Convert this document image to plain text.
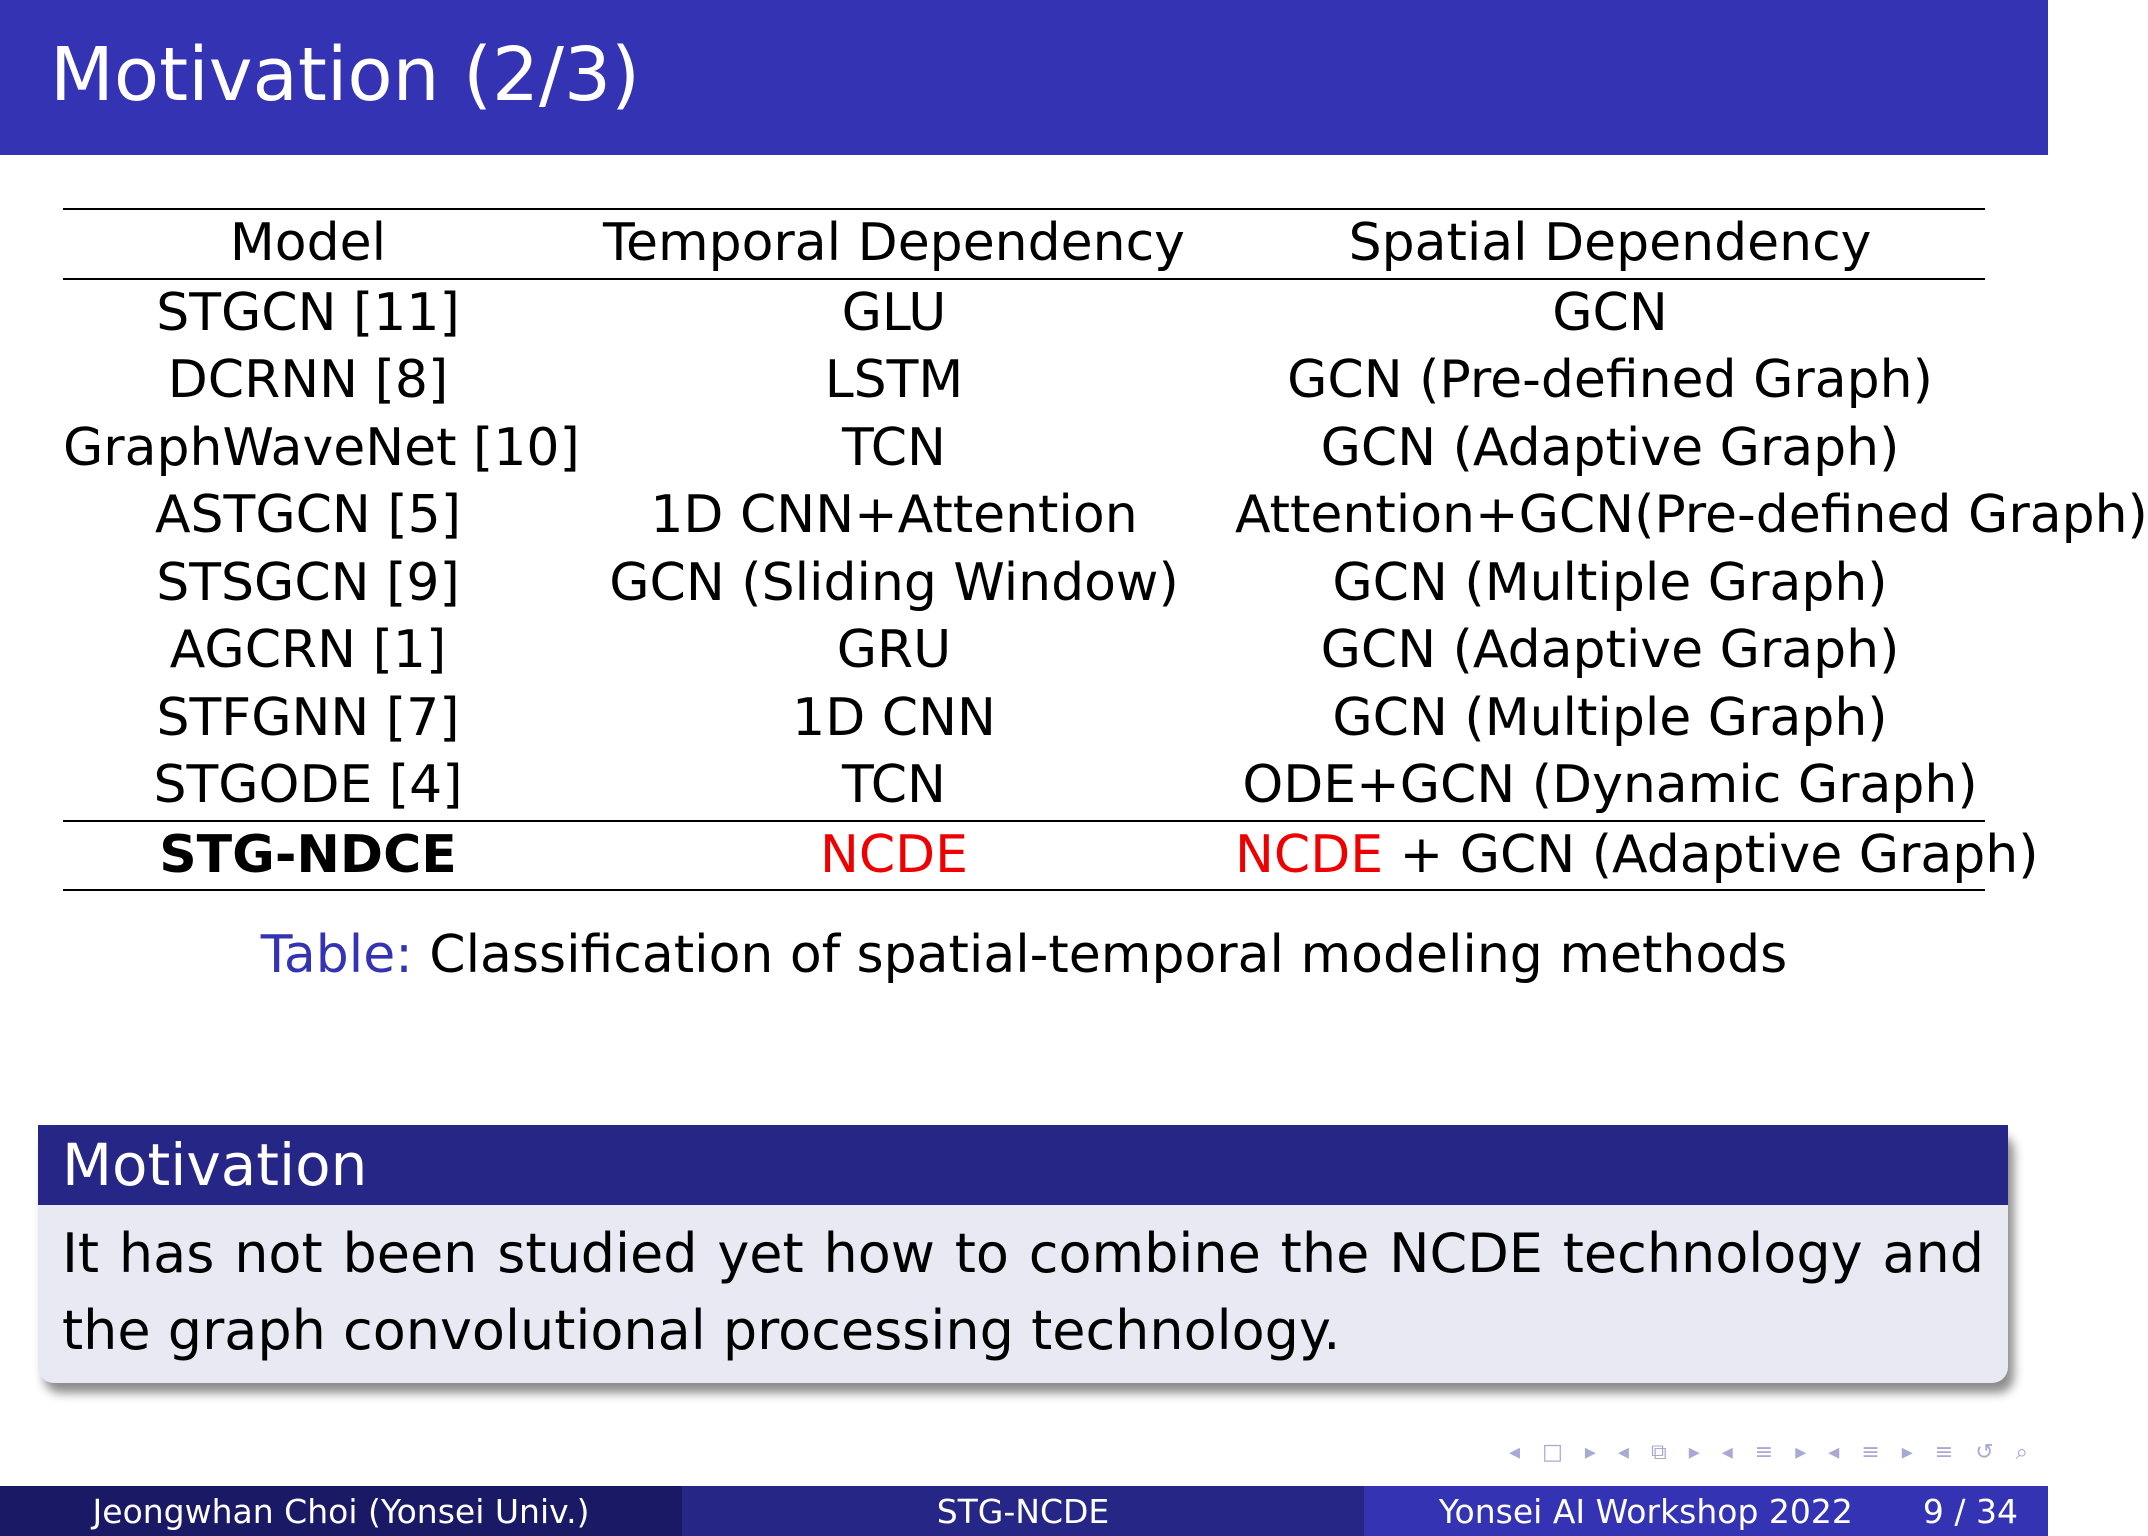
Motivation (2/3)
Model	Temporal Dependency	Spatial Dependency
STGCN [11]	GLU	GCN
DCRNN [8]	LSTM	GCN (Pre-defined Graph)
GraphWaveNet [10]	TCN	GCN (Adaptive Graph)
ASTGCN [5]	1D CNN+Attention	Attention+GCN(Pre-defined Graph)
STSGCN [9]	GCN (Sliding Window)	GCN (Multiple Graph)
AGCRN [1]	GRU	GCN (Adaptive Graph)
STFGNN [7]	1D CNN	GCN (Multiple Graph)
STGODE [4]	TCN	ODE+GCN (Dynamic Graph)
STG-NDCE	NCDE	NCDE + GCN (Adaptive Graph)
Table: Classification of spatial-temporal modeling methods
Motivation
It has not been studied yet how to combine the NCDE technology and the graph convolutional processing technology.
◂ □ ▸ ◂ ⧉ ▸ ◂ ≡ ▸ ◂ ≡ ▸ ≡ ↺ ⌕
Jeongwhan Choi (Yonsei Univ.)	STG-NCDE	Yonsei AI Workshop 2022 9 / 34
